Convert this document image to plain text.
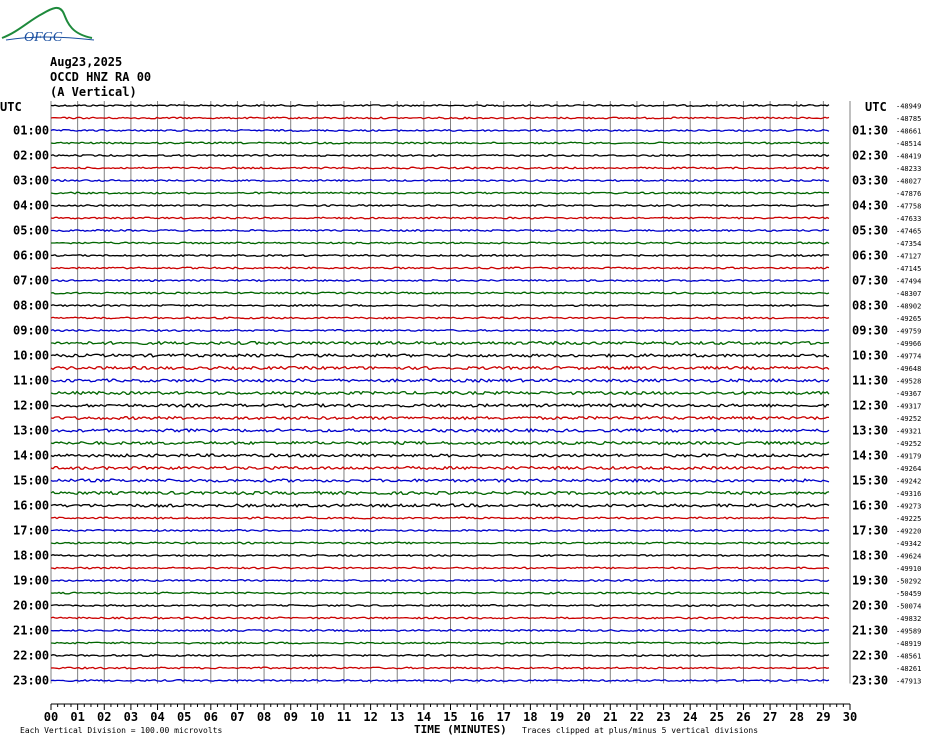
OFGC
Aug23,2025
OCCD HNZ RA 00
(A Vertical)
UTC	UTC
01:00
02:00
03:00
04:00
05:00
06:00
07:00
08:00
09:00
10:00
11:00
12:00
13:00
14:00
15:00
16:00
17:00
18:00
19:00
20:00
21:00
22:00
23:00
01:30
02:30
03:30
04:30
05:30
06:30
07:30
08:30
09:30
10:30
11:30
12:30
13:30
14:30
15:30
16:30
17:30
18:30
19:30
20:30
21:30
22:30
23:30
-48949
-48785
-48661
-48514
-48419
-48233
-48027
-47876
-47758
-47633
-47465
-47354
-47127
-47145
-47494
-48307
-48902
-49265
-49759
-49966
-49774
-49648
-49528
-49367
-49317
-49252
-49321
-49252
-49179
-49264
-49242
-49316
-49273
-49225
-49220
-49342
-49624
-49910
-50292
-50459
-50074
-49832
-49589
-48919
-48561
-48261
-47913
00 01 02 03 04 05 06 07 08 09 10 11 12 13 14 15 16 17 18 19 20 21 22 23 24 25 26 27 28 29 30
TIME (MINUTES)
Each Vertical Division = 100.00 microvolts	Traces clipped at plus/minus 5 vertical divisions
